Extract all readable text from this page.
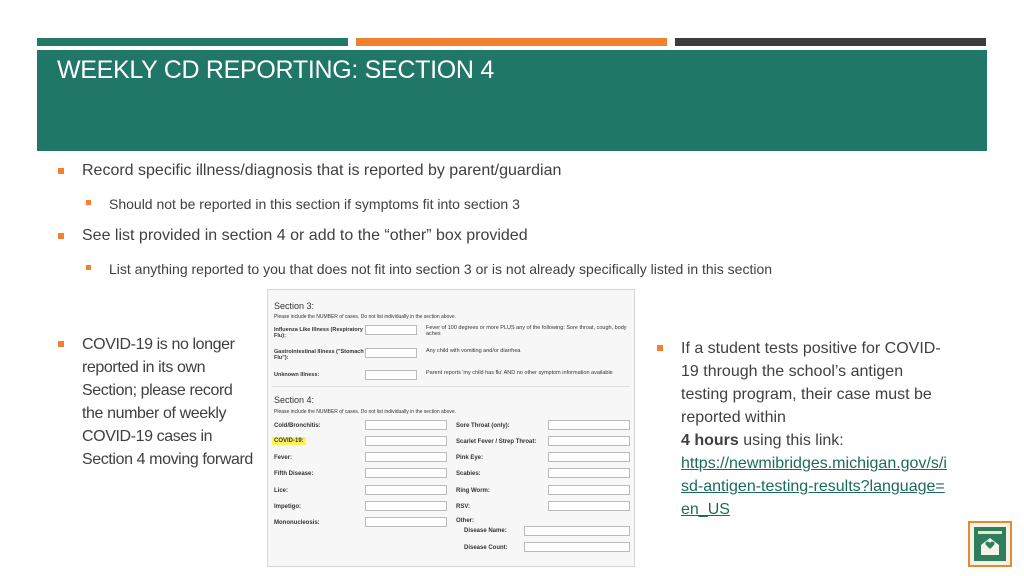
WEEKLY CD REPORTING: SECTION 4
Record specific illness/diagnosis that is reported by parent/guardian
Should not be reported in this section if symptoms fit into section 3
See list provided in section 4 or add to the “other” box provided
List anything reported to you that does not fit into section 3 or is not already specifically listed in this section
COVID-19 is no longer reported in its own Section; please record the number of weekly COVID-19 cases in Section 4 moving forward
Section 3:
Please include the NUMBER of cases. Do not list individually in the section above.
Influenza Like Illness (Respiratory Flu):
Fever of 100 degrees or more PLUS any of the following: Sore throat, cough, body aches
Gastrointestinal Illness ("Stomach Flu"):
Any child with vomiting and/or diarrhea
Unknown Illness:	Parent reports 'my child has flu' AND no other symptom information available
Section 4:
Please include the NUMBER of cases. Do not list individually in the section above.
Cold/Bronchitis:
COVID-19:
Fever:
Fifth Disease:
Lice:
Impetigo:
Mononucleosis:
Sore Throat (only):
Scarlet Fever / Strep Throat:
Pink Eye:
Scabies:
Ring Worm:
RSV:
Other:
Disease Name:
Disease Count:
If a student tests positive for COVID-19 through the school’s antigen testing program, their case must be reported within
4 hours using this link:
https://newmibridges.michigan.gov/s/isd-antigen-testing-results?language=en_US
